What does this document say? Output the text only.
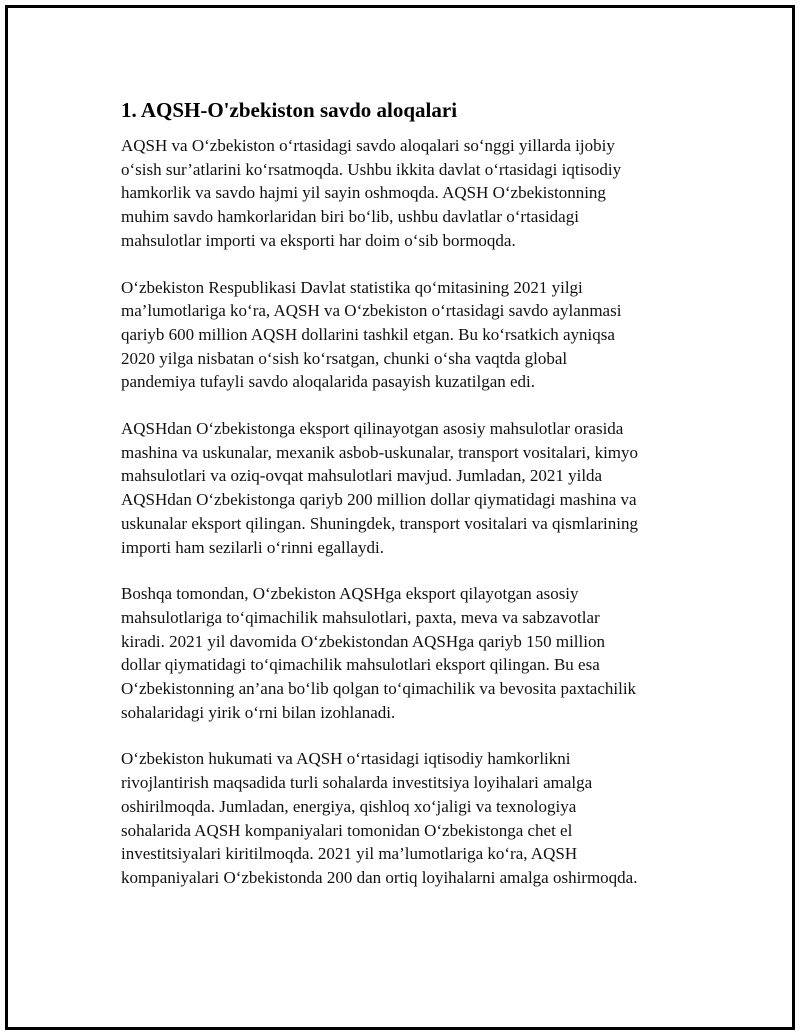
1. AQSH-O'zbekiston savdo aloqalari

AQSH va O‘zbekiston o‘rtasidagi savdo aloqalari so‘nggi yillarda ijobiy
o‘sish sur’atlarini ko‘rsatmoqda. Ushbu ikkita davlat o‘rtasidagi iqtisodiy
hamkorlik va savdo hajmi yil sayin oshmoqda. AQSH O‘zbekistonning
muhim savdo hamkorlaridan biri bo‘lib, ushbu davlatlar o‘rtasidagi
mahsulotlar importi va eksporti har doim o‘sib bormoqda.

O‘zbekiston Respublikasi Davlat statistika qo‘mitasining 2021 yilgi
ma’lumotlariga ko‘ra, AQSH va O‘zbekiston o‘rtasidagi savdo aylanmasi
qariyb 600 million AQSH dollarini tashkil etgan. Bu ko‘rsatkich ayniqsa
2020 yilga nisbatan o‘sish ko‘rsatgan, chunki o‘sha vaqtda global
pandemiya tufayli savdo aloqalarida pasayish kuzatilgan edi.

AQSHdan O‘zbekistonga eksport qilinayotgan asosiy mahsulotlar orasida
mashina va uskunalar, mexanik asbob-uskunalar, transport vositalari, kimyo
mahsulotlari va oziq-ovqat mahsulotlari mavjud. Jumladan, 2021 yilda
AQSHdan O‘zbekistonga qariyb 200 million dollar qiymatidagi mashina va
uskunalar eksport qilingan. Shuningdek, transport vositalari va qismlarining
importi ham sezilarli o‘rinni egallaydi.

Boshqa tomondan, O‘zbekiston AQSHga eksport qilayotgan asosiy
mahsulotlariga to‘qimachilik mahsulotlari, paxta, meva va sabzavotlar
kiradi. 2021 yil davomida O‘zbekistondan AQSHga qariyb 150 million
dollar qiymatidagi to‘qimachilik mahsulotlari eksport qilingan. Bu esa
O‘zbekistonning an’ana bo‘lib qolgan to‘qimachilik va bevosita paxtachilik
sohalaridagi yirik o‘rni bilan izohlanadi.

O‘zbekiston hukumati va AQSH o‘rtasidagi iqtisodiy hamkorlikni
rivojlantirish maqsadida turli sohalarda investitsiya loyihalari amalga
oshirilmoqda. Jumladan, energiya, qishloq xo‘jaligi va texnologiya
sohalarida AQSH kompaniyalari tomonidan O‘zbekistonga chet el
investitsiyalari kiritilmoqda. 2021 yil ma’lumotlariga ko‘ra, AQSH
kompaniyalari O‘zbekistonda 200 dan ortiq loyihalarni amalga oshirmoqda.
